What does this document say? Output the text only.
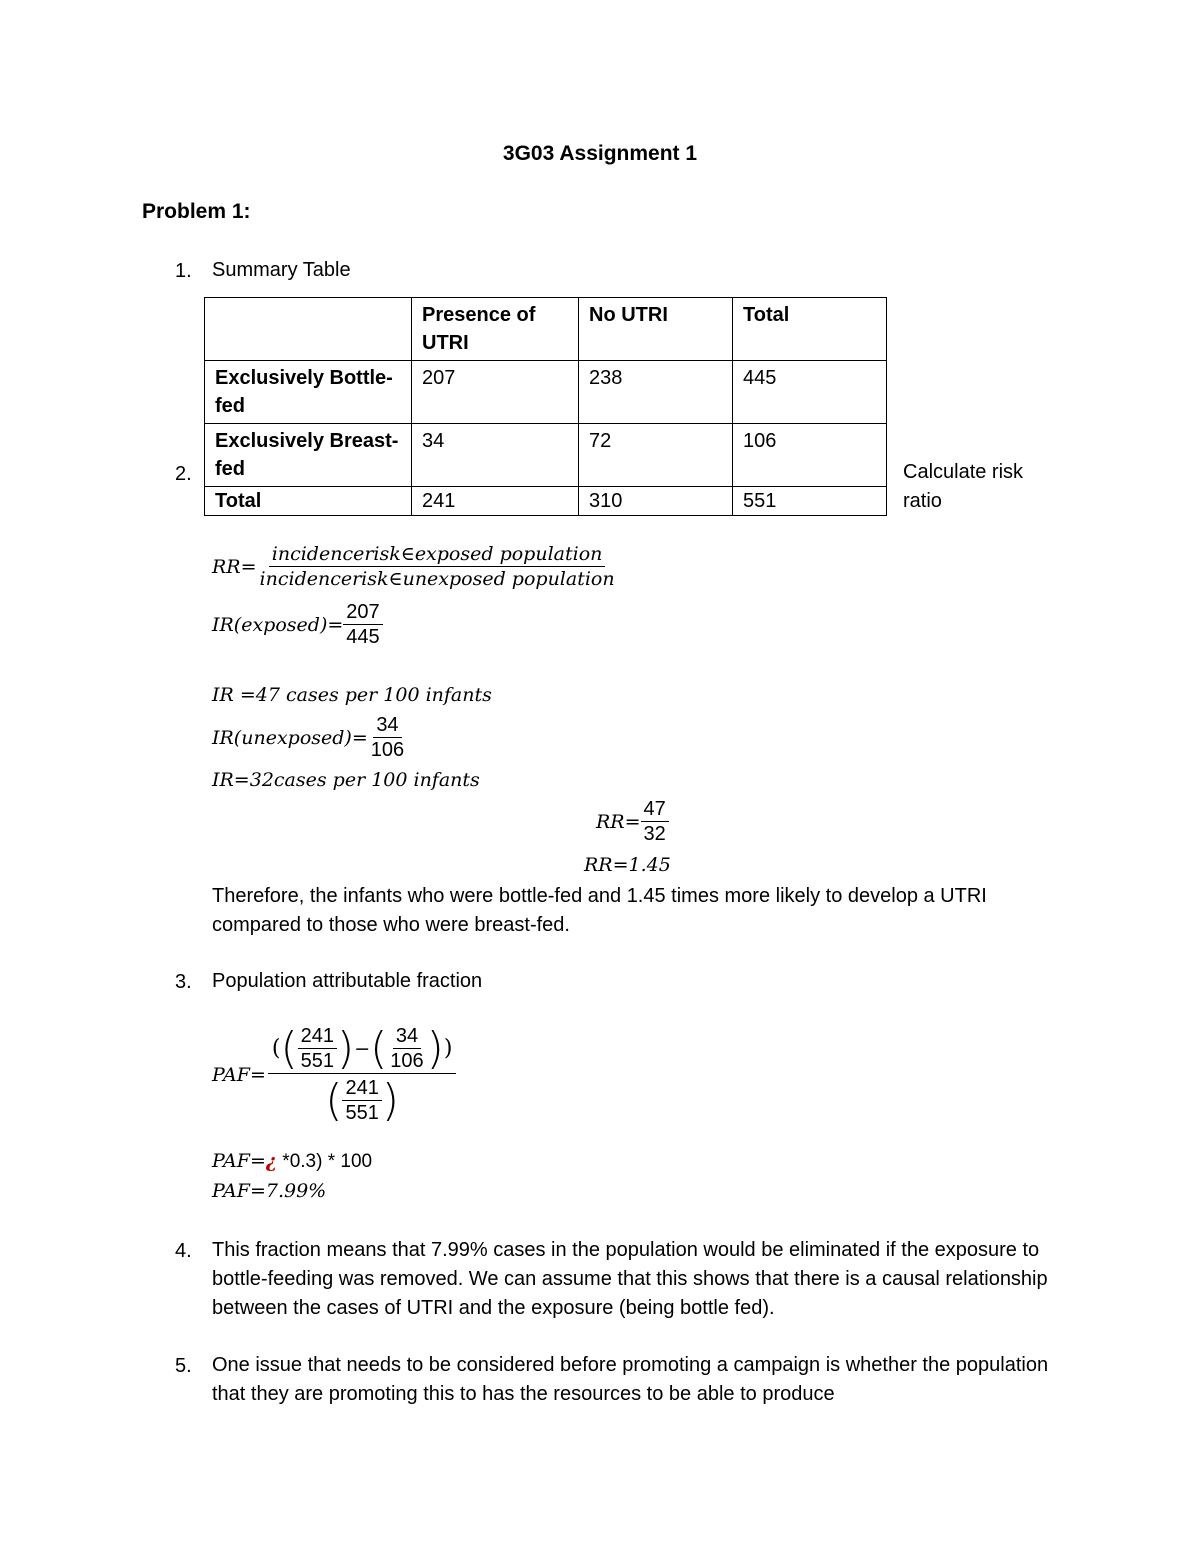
3G03 Assignment 1
Problem 1:
1. Summary Table
	Presence of UTRI	No UTRI	Total
Exclusively Bottle-fed	207	238	445
Exclusively Breast-fed	34	72	106
Total	241	310	551
2.	Calculate risk ratio
$RR= \frac{\text{incidencerisk∈exposed population}}{\text{incidencerisk∈unexposed population}}$
IR(exposed)= $\frac{207}{445}$
IR =47 cases per 100 infants
IR(unexposed)= $\frac{34}{106}$
IR=32cases per 100 infants
$RR= \frac{47}{32}$
RR=1.45
Therefore, the infants who were bottle-fed and 1.45 times more likely to develop a UTRI compared to those who were breast-fed.
3. Population attributable fraction
PAF=
( ( $\frac{241}{551}$ ) − ( $\frac{34}{106}$ ) )
( $\frac{241}{551}$ )
PAF=¿ *0.3) * 100
PAF=7.99%
4. This fraction means that 7.99% cases in the population would be eliminated if the exposure to bottle-feeding was removed. We can assume that this shows that there is a causal relationship between the cases of UTRI and the exposure (being bottle fed).
5. One issue that needs to be considered before promoting a campaign is whether the population that they are promoting this to has the resources to be able to produce
